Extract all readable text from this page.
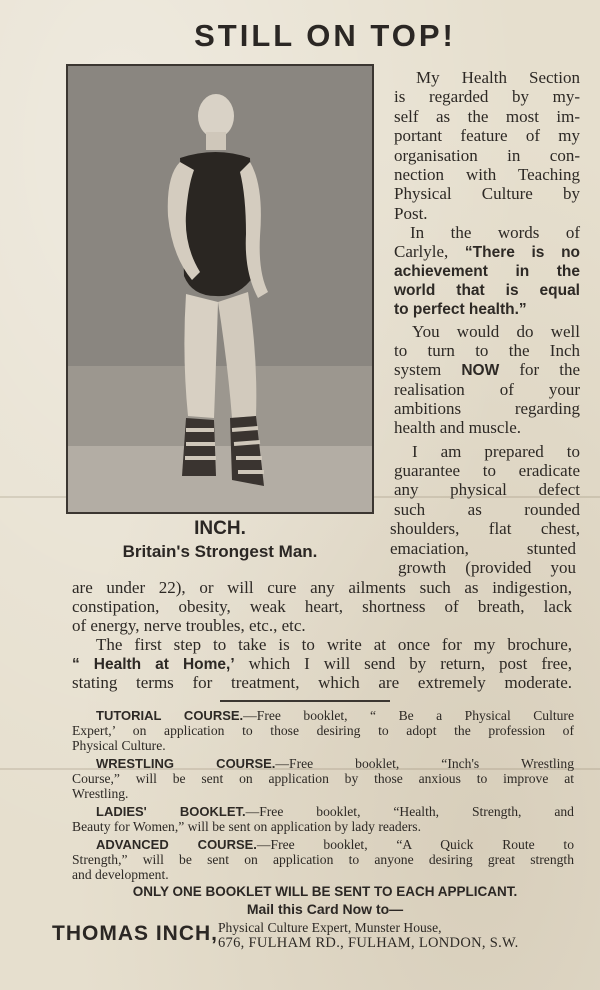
STILL ON TOP!
INCH.
Britain's Strongest Man.
My Health Section
is regarded by my-
self as the most im-
portant feature of my
organisation in con-
nection with Teaching
Physical Culture by
Post.
In the words of
Carlyle, “There is no
achievement in the
world that is equal
to perfect health.”
You would do well
to turn to the Inch
system NOW for the
realisation of your
ambitions regarding
health and muscle.
I am prepared to
guarantee to eradicate
any physical defect
such as rounded
shoulders, flat chest,
emaciation, stunted
growth (provided you
are under 22), or will cure any ailments such as indigestion,
constipation, obesity, weak heart, shortness of breath, lack
of energy, nerve troubles, etc., etc.
The first step to take is to write at once for my brochure,
“ Health at Home,’ which I will send by return, post free,
stating terms for treatment, which are extremely moderate.
TUTORIAL COURSE.—Free booklet, “ Be a Physical Culture
Expert,’ on application to those desiring to adopt the profession of
Physical Culture.
WRESTLING COURSE.—Free booklet, “Inch's Wrestling
Course,” will be sent on application by those anxious to improve at
Wrestling.
LADIES' BOOKLET.—Free booklet, “Health, Strength, and
Beauty for Women,” will be sent on application by lady readers.
ADVANCED COURSE.—Free booklet, “A Quick Route to
Strength,” will be sent on application to anyone desiring great strength
and development.
ONLY ONE BOOKLET WILL BE SENT TO EACH APPLICANT.
Mail this Card Now to—
THOMAS INCH, Physical Culture Expert, Munster House,
676, FULHAM RD., FULHAM, LONDON, S.W.
